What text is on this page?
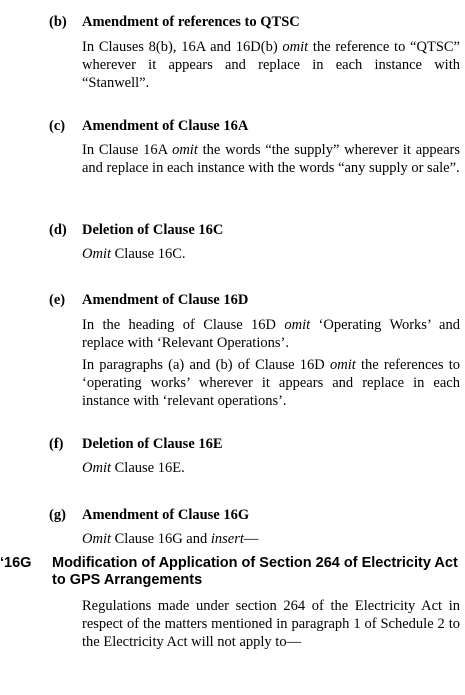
(b) Amendment of references to QTSC

In Clauses 8(b), 16A and 16D(b) omit the reference to “QTSC” wherever it appears and replace in each instance with “Stanwell”.

(c) Amendment of Clause 16A

In Clause 16A omit the words “the supply” wherever it appears and replace in each instance with the words “any supply or sale”.

(d) Deletion of Clause 16C

Omit Clause 16C.

(e) Amendment of Clause 16D

In the heading of Clause 16D omit ‘Operating Works’ and replace with ‘Relevant Operations’.

In paragraphs (a) and (b) of Clause 16D omit the references to ‘operating works’ wherever it appears and replace in each instance with ‘relevant operations’.

(f) Deletion of Clause 16E

Omit Clause 16E.

(g) Amendment of Clause 16G

Omit Clause 16G and insert—

‘16G Modification of Application of Section 264 of Electricity Act to GPS Arrangements

Regulations made under section 264 of the Electricity Act in respect of the matters mentioned in paragraph 1 of Schedule 2 to the Electricity Act will not apply to—
